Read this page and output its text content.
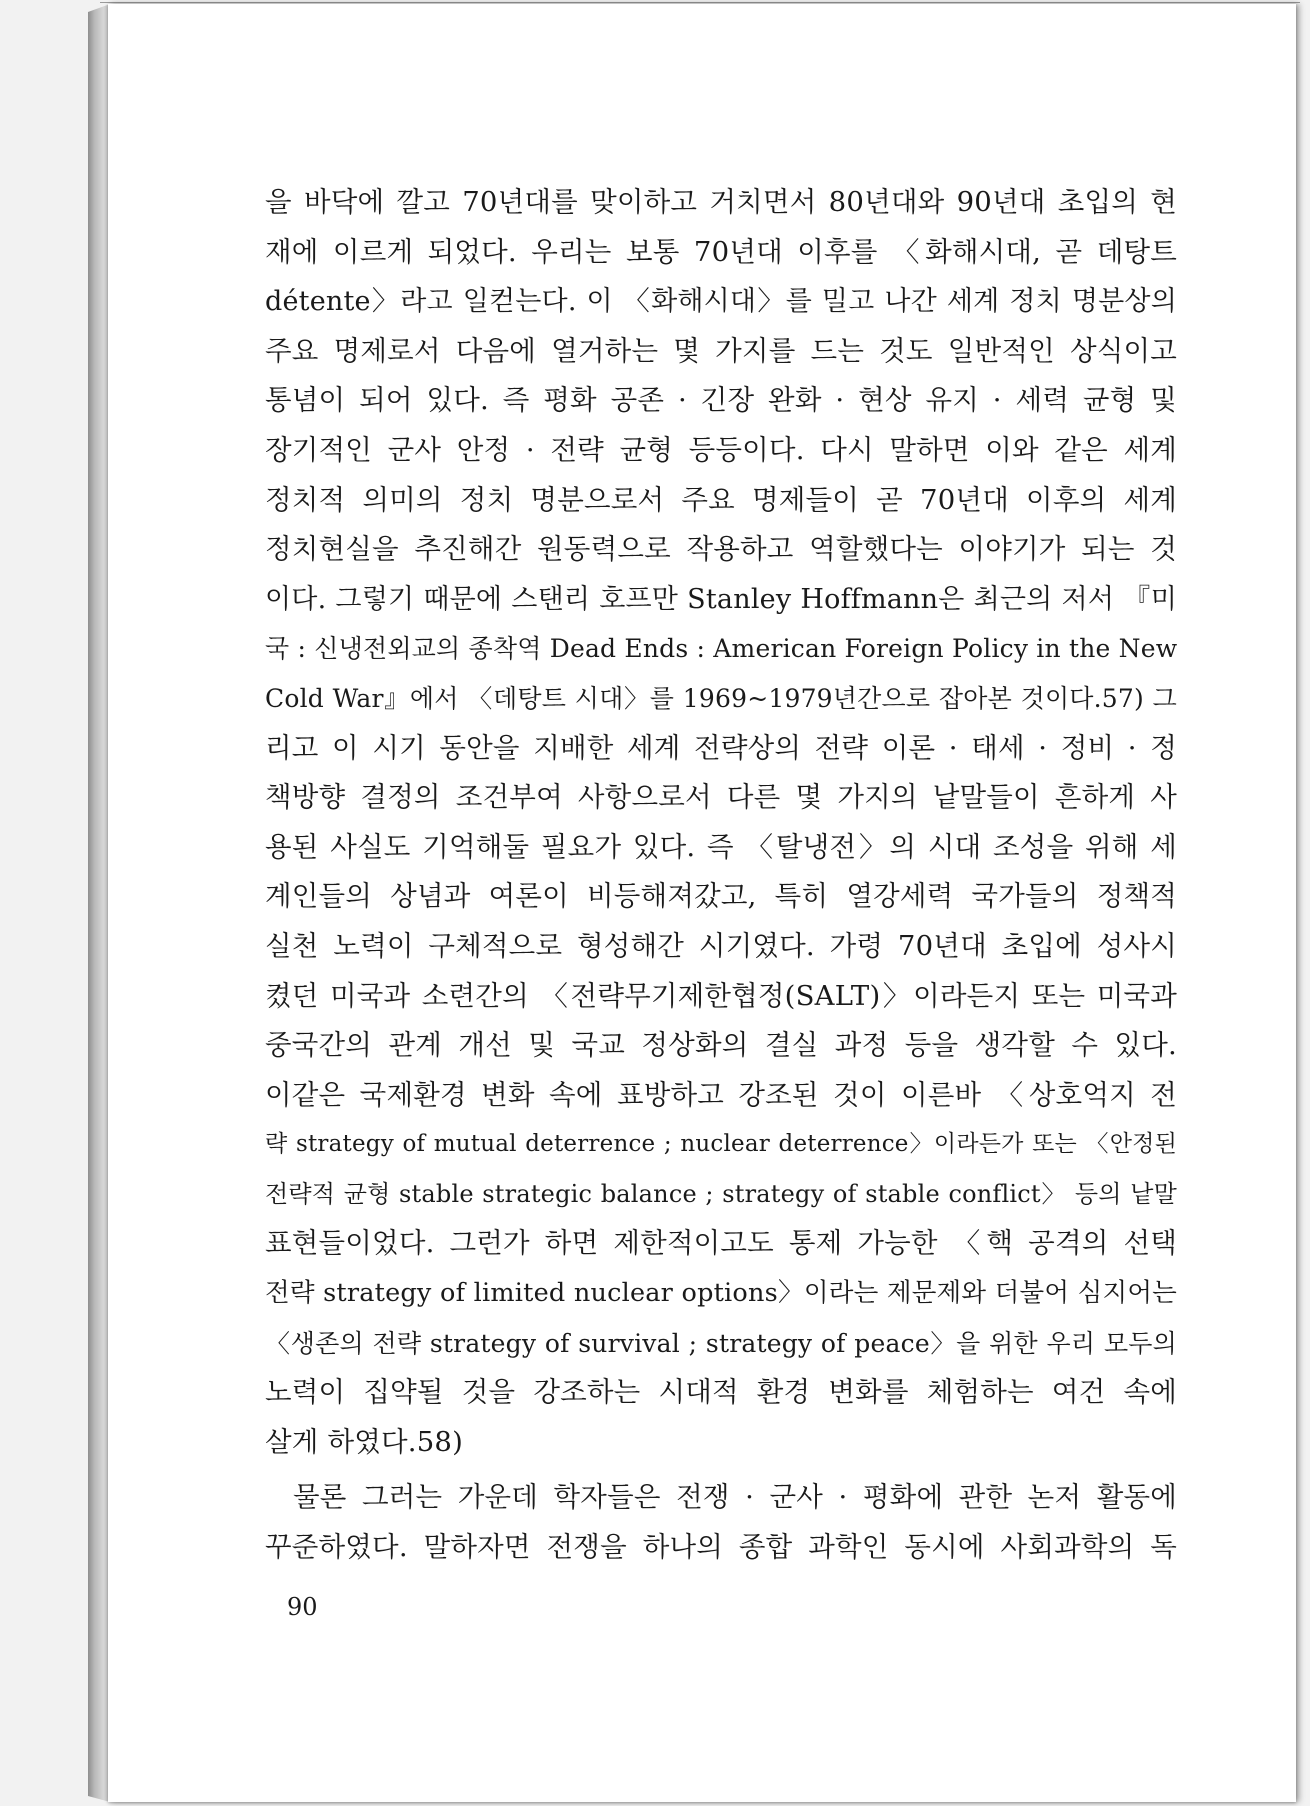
을 바닥에 깔고 70년대를 맞이하고 거치면서 80년대와 90년대 초입의 현
재에 이르게 되었다. 우리는 보통 70년대 이후를 〈화해시대, 곧 데탕트
détente〉라고 일컫는다. 이 〈화해시대〉를 밀고 나간 세계 정치 명분상의
주요 명제로서 다음에 열거하는 몇 가지를 드는 것도 일반적인 상식이고
통념이 되어 있다. 즉 평화 공존 · 긴장 완화 · 현상 유지 · 세력 균형 및
장기적인 군사 안정 · 전략 균형 등등이다. 다시 말하면 이와 같은 세계
정치적 의미의 정치 명분으로서 주요 명제들이 곧 70년대 이후의 세계
정치현실을 추진해간 원동력으로 작용하고 역할했다는 이야기가 되는 것
이다. 그렇기 때문에 스탠리 호프만 Stanley Hoffmann은 최근의 저서 『미
국 : 신냉전외교의 종착역 Dead Ends : American Foreign Policy in the New
Cold War』에서 〈데탕트 시대〉를 1969~1979년간으로 잡아본 것이다.57) 그
리고 이 시기 동안을 지배한 세계 전략상의 전략 이론 · 태세 · 정비 · 정
책방향 결정의 조건부여 사항으로서 다른 몇 가지의 낱말들이 흔하게 사
용된 사실도 기억해둘 필요가 있다. 즉 〈탈냉전〉의 시대 조성을 위해 세
계인들의 상념과 여론이 비등해져갔고, 특히 열강세력 국가들의 정책적
실천 노력이 구체적으로 형성해간 시기였다. 가령 70년대 초입에 성사시
켰던 미국과 소련간의 〈전략무기제한협정(SALT)〉이라든지 또는 미국과
중국간의 관계 개선 및 국교 정상화의 결실 과정 등을 생각할 수 있다.
이같은 국제환경 변화 속에 표방하고 강조된 것이 이른바 〈상호억지 전
략 strategy of mutual deterrence ; nuclear deterrence〉이라든가 또는 〈안정된
전략적 균형 stable strategic balance ; strategy of stable conflict〉 등의 낱말
표현들이었다. 그런가 하면 제한적이고도 통제 가능한 〈핵 공격의 선택
전략 strategy of limited nuclear options〉이라는 제문제와 더불어 심지어는
〈생존의 전략 strategy of survival ; strategy of peace〉을 위한 우리 모두의
노력이 집약될 것을 강조하는 시대적 환경 변화를 체험하는 여건 속에
살게 하였다.58)
물론 그러는 가운데 학자들은 전쟁 · 군사 · 평화에 관한 논저 활동에
꾸준하였다. 말하자면 전쟁을 하나의 종합 과학인 동시에 사회과학의 독
90
